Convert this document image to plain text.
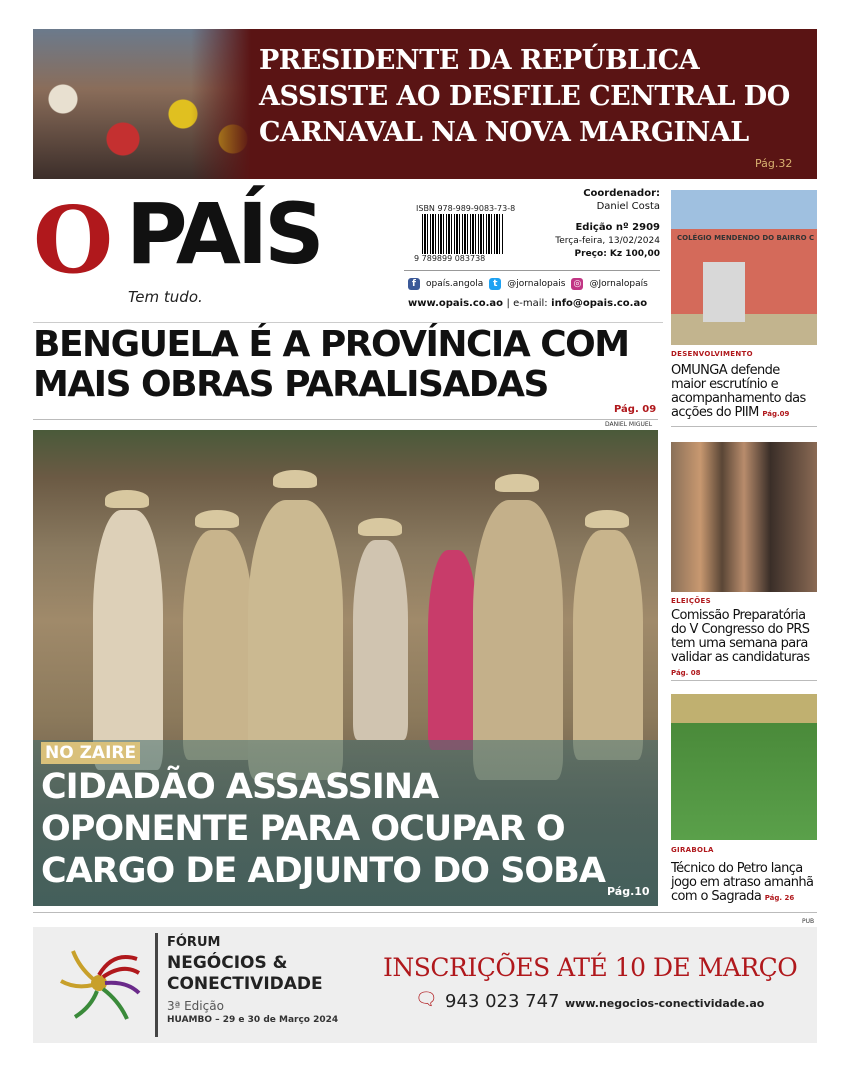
PRESIDENTE DA REPÚBLICA ASSISTE AO DESFILE CENTRAL DO CARNAVAL NA NOVA MARGINAL
Pág.32
O PAÍS
Tem tudo.
ISBN 978-989-9083-73-8
9 789899 083738
Coordenador:
Daniel Costa
Edição nº 2909
Terça-feira, 13/02/2024
Preço: Kz 100,00
f	opaís.angola	t	@jornalopais ◎ @Jornalopaís
www.opais.co.ao | e-mail: info@opais.co.ao
BENGUELA É A PROVÍNCIA COM MAIS OBRAS PARALISADAS
Pág. 09
DANIEL MIGUEL
NO ZAIRE
CIDADÃO ASSASSINA OPONENTE PARA OCUPAR O CARGO DE ADJUNTO DO SOBA
Pág.10
COLÉGIO MENDENDO DO BAIRRO C
DESENVOLVIMENTO
OMUNGA defende maior escrutínio e acompanhamento das acções do PIIM Pág.09
ELEIÇÕES
Comissão Preparatória do V Congresso do PRS tem uma semana para validar as candidaturas Pág. 08
GIRABOLA
Técnico do Petro lança jogo em atraso amanhã com o Sagrada Pág. 26
PUB
FÓRUM
NEGÓCIOS &
CONECTIVIDADE
3ª Edição
HUAMBO – 29 e 30 de Março 2024
INSCRIÇÕES ATÉ 10 DE MARÇO
🗨 943 023 747 www.negocios-conectividade.ao
